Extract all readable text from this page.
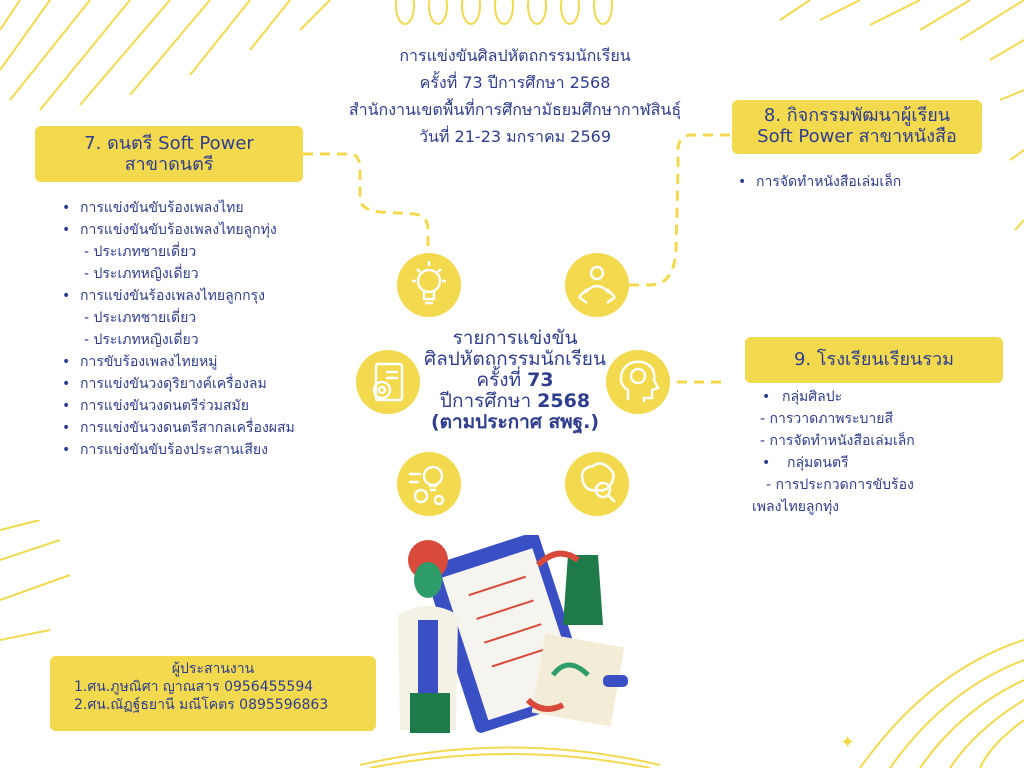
✦
การแข่งขันศิลปหัตถกรรมนักเรียน
ครั้งที่ 73 ปีการศึกษา 2568
สำนักงานเขตพื้นที่การศึกษามัธยมศึกษากาฬสินธุ์
วันที่ 21-23 มกราคม 2569
7. ดนตรี Soft Power
สาขาดนตรี
• การแข่งขันขับร้องเพลงไทย
• การแข่งขันขับร้องเพลงไทยลูกทุ่ง
- ประเภทชายเดี่ยว
- ประเภทหญิงเดี่ยว
• การแข่งขันร้องเพลงไทยลูกกรุง
- ประเภทชายเดี่ยว
- ประเภทหญิงเดี่ยว
• การขับร้องเพลงไทยหมู่
• การแข่งขันวงดุริยางค์เครื่องลม
• การแข่งขันวงดนตรีร่วมสมัย
• การแข่งขันวงดนตรีสากลเครื่องผสม
• การแข่งขันขับร้องประสานเสียง
8. กิจกรรมพัฒนาผู้เรียน
Soft Power สาขาหนังสือ
• การจัดทำหนังสือเล่มเล็ก
9. โรงเรียนเรียนรวม
• กลุ่มศิลปะ
- การวาดภาพระบายสี
- การจัดทำหนังสือเล่มเล็ก
• กลุ่มดนตรี
- การประกวดการขับร้อง
เพลงไทยลูกทุ่ง
รายการแข่งขัน
ศิลปหัตถกรรมนักเรียน
ครั้งที่ 73
ปีการศึกษา 2568
(ตามประกาศ สพฐ.)
ผู้ประสานงาน
1.ศน.ภูษณิศา ญาณสาร 0956455594
2.ศน.ณัฏฐ์ธยานี มณีโคตร 0895596863
